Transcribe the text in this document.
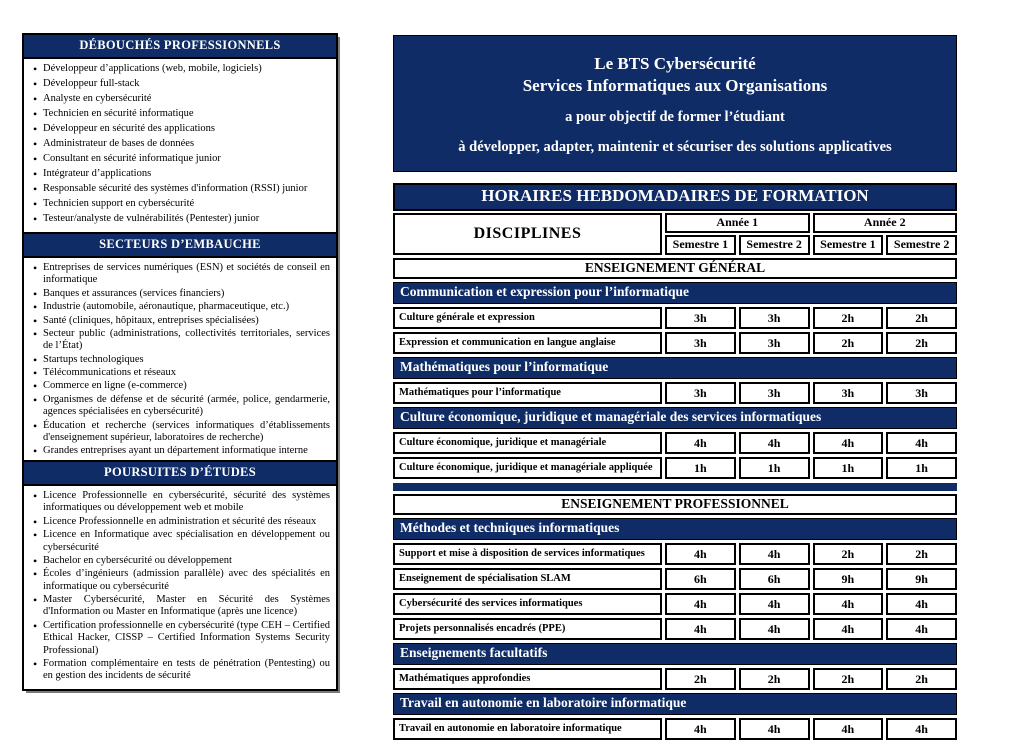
DÉBOUCHÉS PROFESSIONNELS
• Développeur d’applications (web, mobile, logiciels)
• Développeur full-stack
• Analyste en cybersécurité
• Technicien en sécurité informatique
• Développeur en sécurité des applications
• Administrateur de bases de données
• Consultant en sécurité informatique junior
• Intégrateur d’applications
• Responsable sécurité des systèmes d'information (RSSI) junior
• Technicien support en cybersécurité
• Testeur/analyste de vulnérabilités (Pentester) junior
SECTEURS D’EMBAUCHE
• Entreprises de services numériques (ESN) et sociétés de conseil en informatique
• Banques et assurances (services financiers)
• Industrie (automobile, aéronautique, pharmaceutique, etc.)
• Santé (cliniques, hôpitaux, entreprises spécialisées)
• Secteur public (administrations, collectivités territoriales, services de l’État)
• Startups technologiques
• Télécommunications et réseaux
• Commerce en ligne (e-commerce)
• Organismes de défense et de sécurité (armée, police, gendarmerie, agences spécialisées en cybersécurité)
• Éducation et recherche (services informatiques d’établissements d'enseignement supérieur, laboratoires de recherche)
• Grandes entreprises ayant un département informatique interne
POURSUITES D’ÉTUDES
• Licence Professionnelle en cybersécurité, sécurité des systèmes informatiques ou développement web et mobile
• Licence Professionnelle en administration et sécurité des réseaux
• Licence en Informatique avec spécialisation en développement ou cybersécurité
• Bachelor en cybersécurité ou développement
• Écoles d’ingénieurs (admission parallèle) avec des spécialités en informatique ou cybersécurité
• Master Cybersécurité, Master en Sécurité des Systèmes d'Information ou Master en Informatique (après une licence)
• Certification professionnelle en cybersécurité (type CEH – Certified Ethical Hacker, CISSP – Certified Information Systems Security Professional)
• Formation complémentaire en tests de pénétration (Pentesting) ou en gestion des incidents de sécurité
Le BTS Cybersécurité
Services Informatiques aux Organisations
a pour objectif de former l’étudiant
à développer, adapter, maintenir et sécuriser des solutions applicatives
HORAIRES HEBDOMADAIRES DE FORMATION
DISCIPLINES
Année 1	Année 2
Semestre 1	Semestre 2	Semestre 1	Semestre 2
ENSEIGNEMENT GÉNÉRAL
Communication et expression pour l’informatique
Culture générale et expression	3h	3h	2h	2h
Expression et communication en langue anglaise	3h	3h	2h	2h
Mathématiques pour l’informatique
Mathématiques pour l’informatique	3h	3h	3h	3h
Culture économique, juridique et managériale des services informatiques
Culture économique, juridique et managériale	4h	4h	4h	4h
Culture économique, juridique et managériale appliquée	1h	1h	1h	1h
ENSEIGNEMENT PROFESSIONNEL
Méthodes et techniques informatiques
Support et mise à disposition de services informatiques	4h	4h	2h	2h
Enseignement de spécialisation SLAM	6h	6h	9h	9h
Cybersécurité des services informatiques	4h	4h	4h	4h
Projets personnalisés encadrés (PPE)	4h	4h	4h	4h
Enseignements facultatifs
Mathématiques approfondies	2h	2h	2h	2h
Travail en autonomie en laboratoire informatique
Travail en autonomie en laboratoire informatique	4h	4h	4h	4h
